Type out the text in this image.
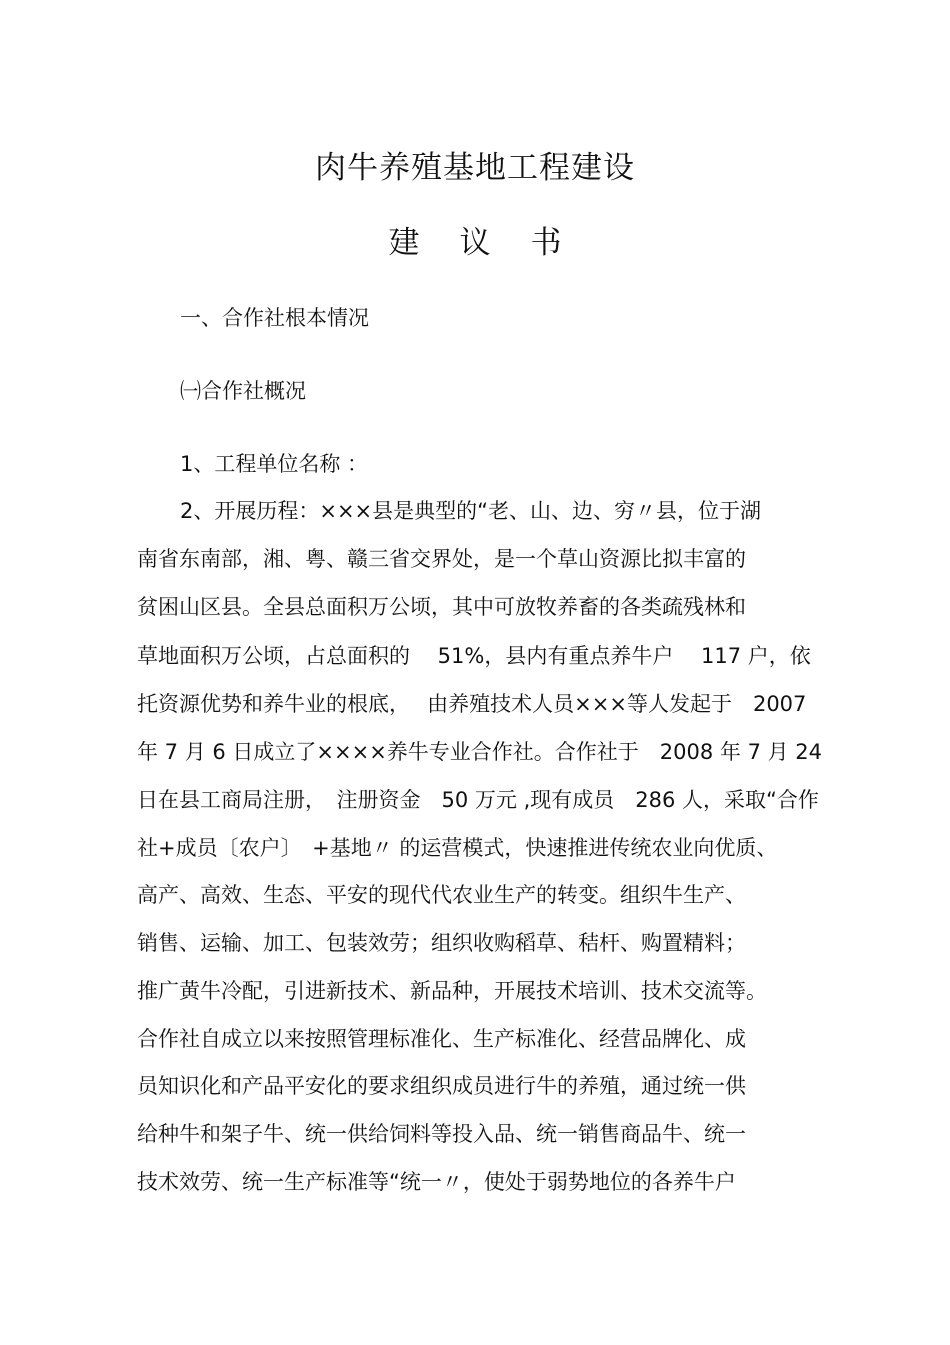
肉牛养殖基地工程建设
建议书
一、合作社根本情况
㈠合作社概况
1、工程单位名称 ：
2、开展历程：×××县是典型的“老、山、边、穷〃县，位于湖
南省东南部，湘、粤、赣三省交界处，是一个草山资源比拟丰富的
贫困山区县。全县总面积万公顷，其中可放牧养畜的各类疏残林和
草地面积万公顷，占总面积的　 51%，县内有重点养牛户　 117 户，依
托资源优势和养牛业的根底，　 由养殖技术人员×××等人发起于　2007
年 7 月 6 日成立了××××养牛专业合作社。合作社于　2008 年 7 月 24
日在县工商局注册，　注册资金　50 万元 ,现有成员　286 人，采取“合作
社+成员〔农户〕　+基地〃 的运营模式，快速推进传统农业向优质、
高产、高效、生态、平安的现代代农业生产的转变。组织牛生产、
销售、运输、加工、包装效劳；组织收购稻草、秸杆、购置精料；
推广黄牛冷配，引进新技术、新品种，开展技术培训、技术交流等。
合作社自成立以来按照管理标准化、生产标准化、经营品牌化、成
员知识化和产品平安化的要求组织成员进行牛的养殖，通过统一供
给种牛和架子牛、统一供给饲料等投入品、统一销售商品牛、统一
技术效劳、统一生产标准等“统一〃，使处于弱势地位的各养牛户
